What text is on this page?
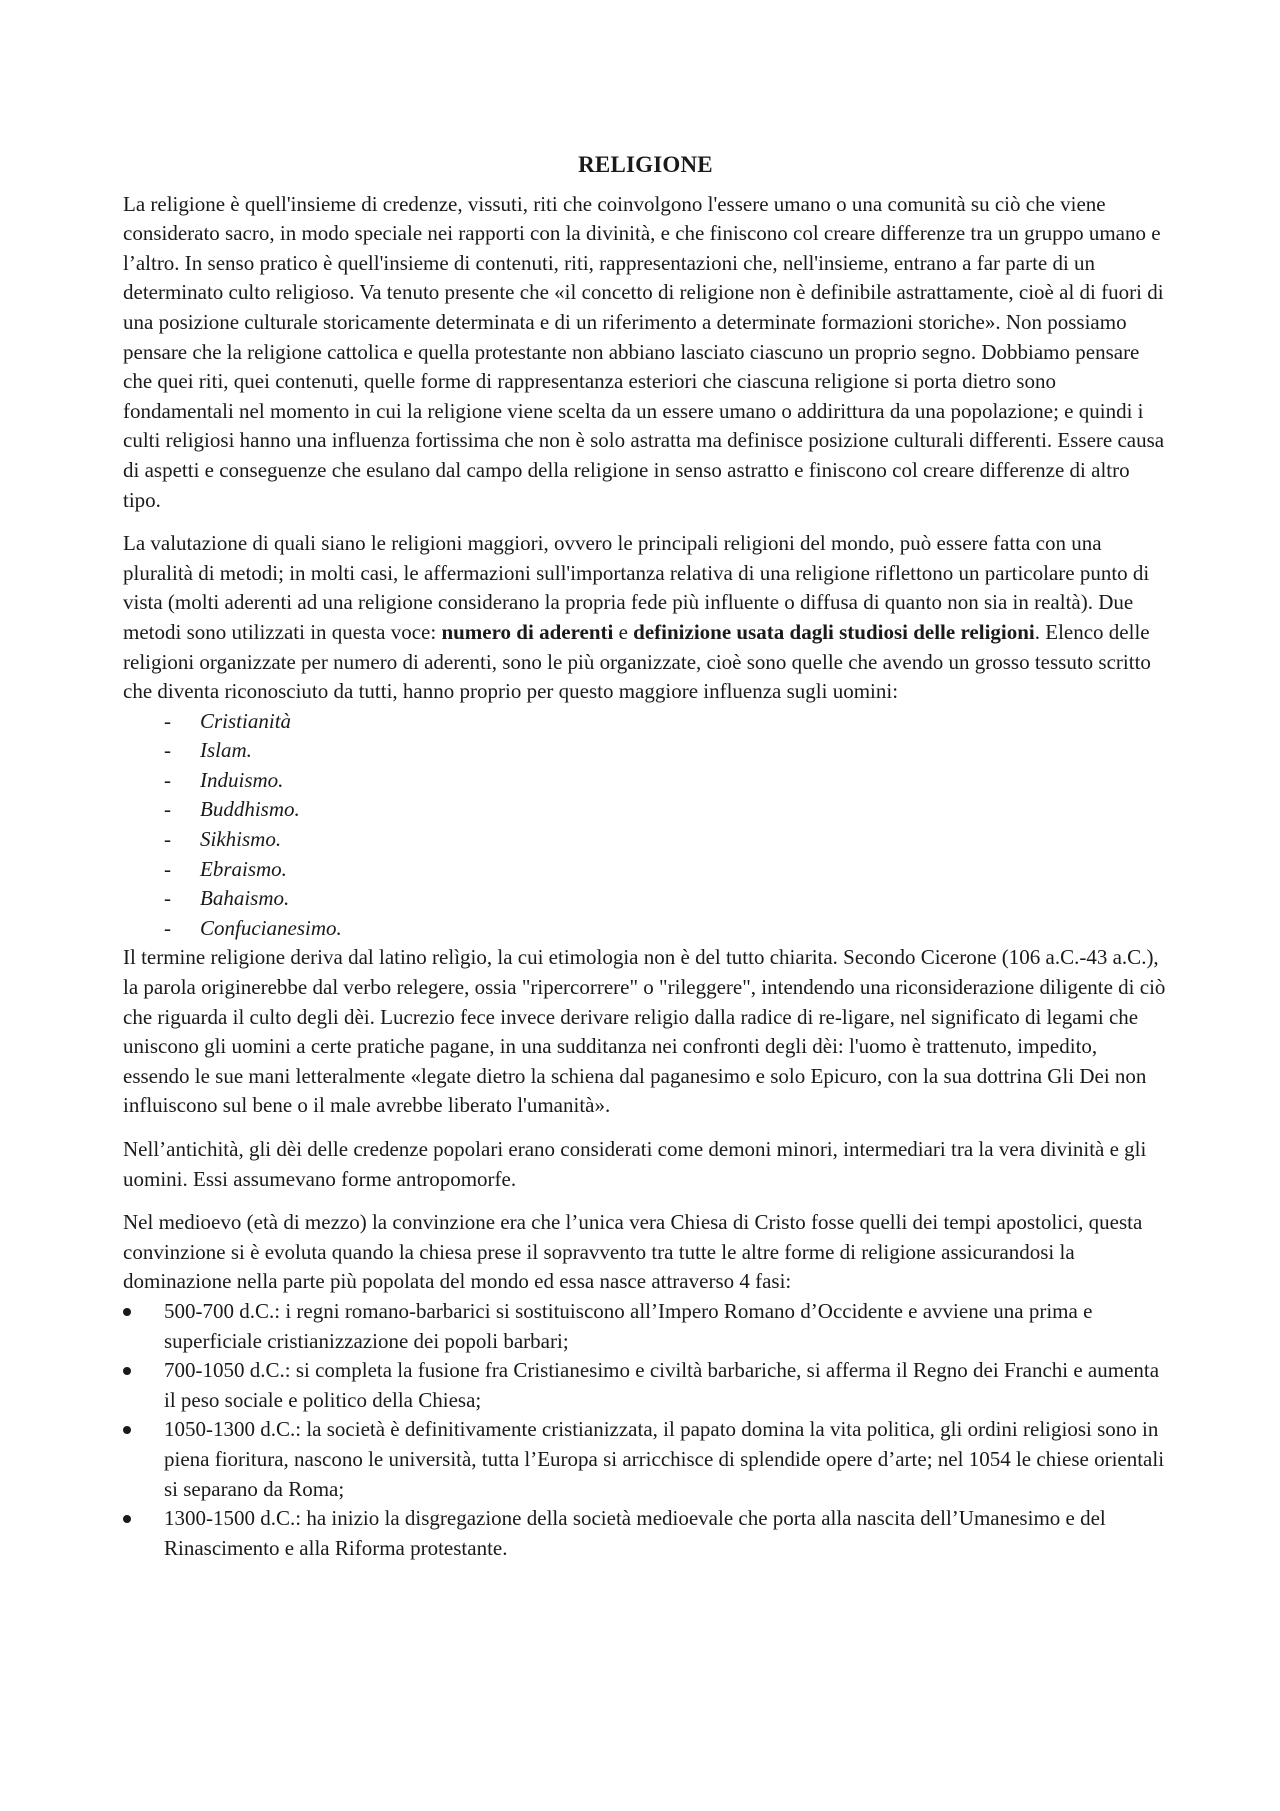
RELIGIONE

La religione è quell'insieme di credenze, vissuti, riti che coinvolgono l'essere umano o una comunità su ciò che viene considerato sacro, in modo speciale nei rapporti con la divinità, e che finiscono col creare differenze tra un gruppo umano e l’altro. In senso pratico è quell'insieme di contenuti, riti, rappresentazioni che, nell'insieme, entrano a far parte di un determinato culto religioso. Va tenuto presente che «il concetto di religione non è definibile astrattamente, cioè al di fuori di una posizione culturale storicamente determinata e di un riferimento a determinate formazioni storiche». Non possiamo pensare che la religione cattolica e quella protestante non abbiano lasciato ciascuno un proprio segno. Dobbiamo pensare che quei riti, quei contenuti, quelle forme di rappresentanza esteriori che ciascuna religione si porta dietro sono fondamentali nel momento in cui la religione viene scelta da un essere umano o addirittura da una popolazione; e quindi i culti religiosi hanno una influenza fortissima che non è solo astratta ma definisce posizione culturali differenti. Essere causa di aspetti e conseguenze che esulano dal campo della religione in senso astratto e finiscono col creare differenze di altro tipo.

La valutazione di quali siano le religioni maggiori, ovvero le principali religioni del mondo, può essere fatta con una pluralità di metodi; in molti casi, le affermazioni sull'importanza relativa di una religione riflettono un particolare punto di vista (molti aderenti ad una religione considerano la propria fede più influente o diffusa di quanto non sia in realtà). Due metodi sono utilizzati in questa voce: numero di aderenti e definizione usata dagli studiosi delle religioni. Elenco delle religioni organizzate per numero di aderenti, sono le più organizzate, cioè sono quelle che avendo un grosso tessuto scritto che diventa riconosciuto da tutti, hanno proprio per questo maggiore influenza sugli uomini:

- Cristianità
- Islam.
- Induismo.
- Buddhismo.
- Sikhismo.
- Ebraismo.
- Bahaismo.
- Confucianesimo.

Il termine religione deriva dal latino relìgio, la cui etimologia non è del tutto chiarita. Secondo Cicerone (106 a.C.-43 a.C.), la parola originerebbe dal verbo relegere, ossia "ripercorrere" o "rileggere", intendendo una riconsiderazione diligente di ciò che riguarda il culto degli dèi. Lucrezio fece invece derivare religio dalla radice di re-ligare, nel significato di legami che uniscono gli uomini a certe pratiche pagane, in una sudditanza nei confronti degli dèi: l'uomo è trattenuto, impedito, essendo le sue mani letteralmente «legate dietro la schiena dal paganesimo e solo Epicuro, con la sua dottrina Gli Dei non influiscono sul bene o il male avrebbe liberato l'umanità».

Nell’antichità, gli dèi delle credenze popolari erano considerati come demoni minori, intermediari tra la vera divinità e gli uomini. Essi assumevano forme antropomorfe.

Nel medioevo (età di mezzo) la convinzione era che l’unica vera Chiesa di Cristo fosse quelli dei tempi apostolici, questa convinzione si è evoluta quando la chiesa prese il sopravvento tra tutte le altre forme di religione assicurandosi la dominazione nella parte più popolata del mondo ed essa nasce attraverso 4 fasi:

500-700 d.C.: i regni romano-barbarici si sostituiscono all’Impero Romano d’Occidente e avviene una prima e superficiale cristianizzazione dei popoli barbari;
700-1050 d.C.: si completa la fusione fra Cristianesimo e civiltà barbariche, si afferma il Regno dei Franchi e aumenta il peso sociale e politico della Chiesa;
1050-1300 d.C.: la società è definitivamente cristianizzata, il papato domina la vita politica, gli ordini religiosi sono in piena fioritura, nascono le università, tutta l’Europa si arricchisce di splendide opere d’arte; nel 1054 le chiese orientali si separano da Roma;
1300-1500 d.C.: ha inizio la disgregazione della società medioevale che porta alla nascita dell’Umanesimo e del Rinascimento e alla Riforma protestante.
